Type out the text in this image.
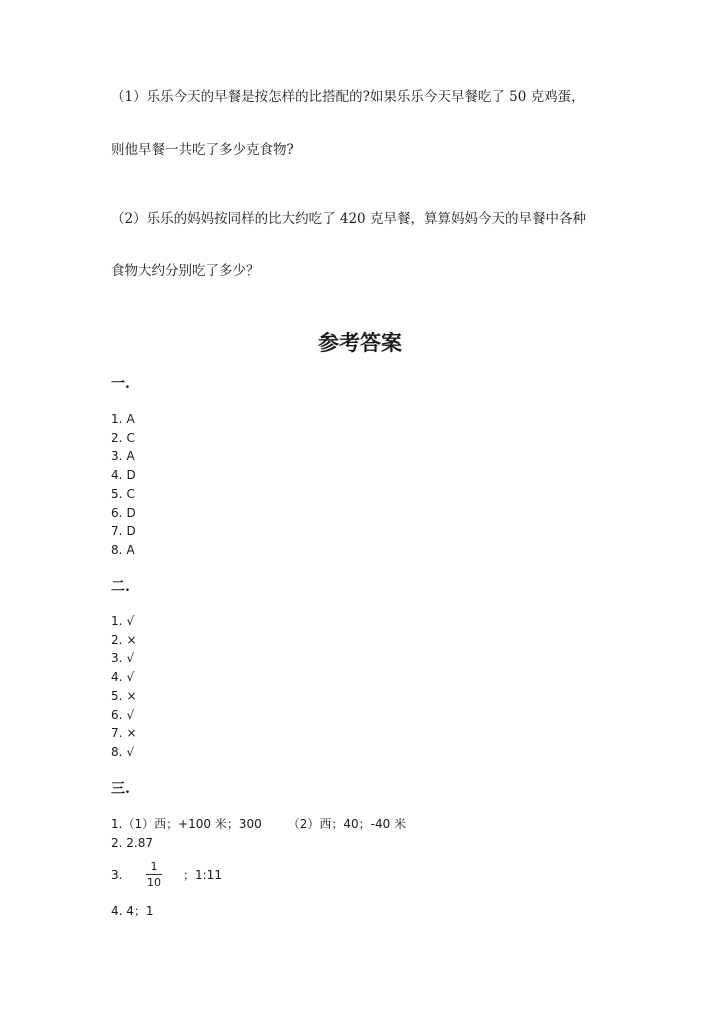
（1）乐乐今天的早餐是按怎样的比搭配的?如果乐乐今天早餐吃了 50 克鸡蛋，
则他早餐一共吃了多少克食物?
（2）乐乐的妈妈按同样的比大约吃了 420 克早餐，算算妈妈今天的早餐中各种
食物大约分别吃了多少？
参考答案
一.
1. A
2. C
3. A
4. D
5. C
6. D
7. D
8. A
二.
1. √
2. ×
3. √
4. √
5. ×
6. √
7. ×
8. √
三.
1.（1）西；+100 米；300 （2）西；40；-40 米
2. 2.87
3.
1
10
；1:11
4. 4；1
